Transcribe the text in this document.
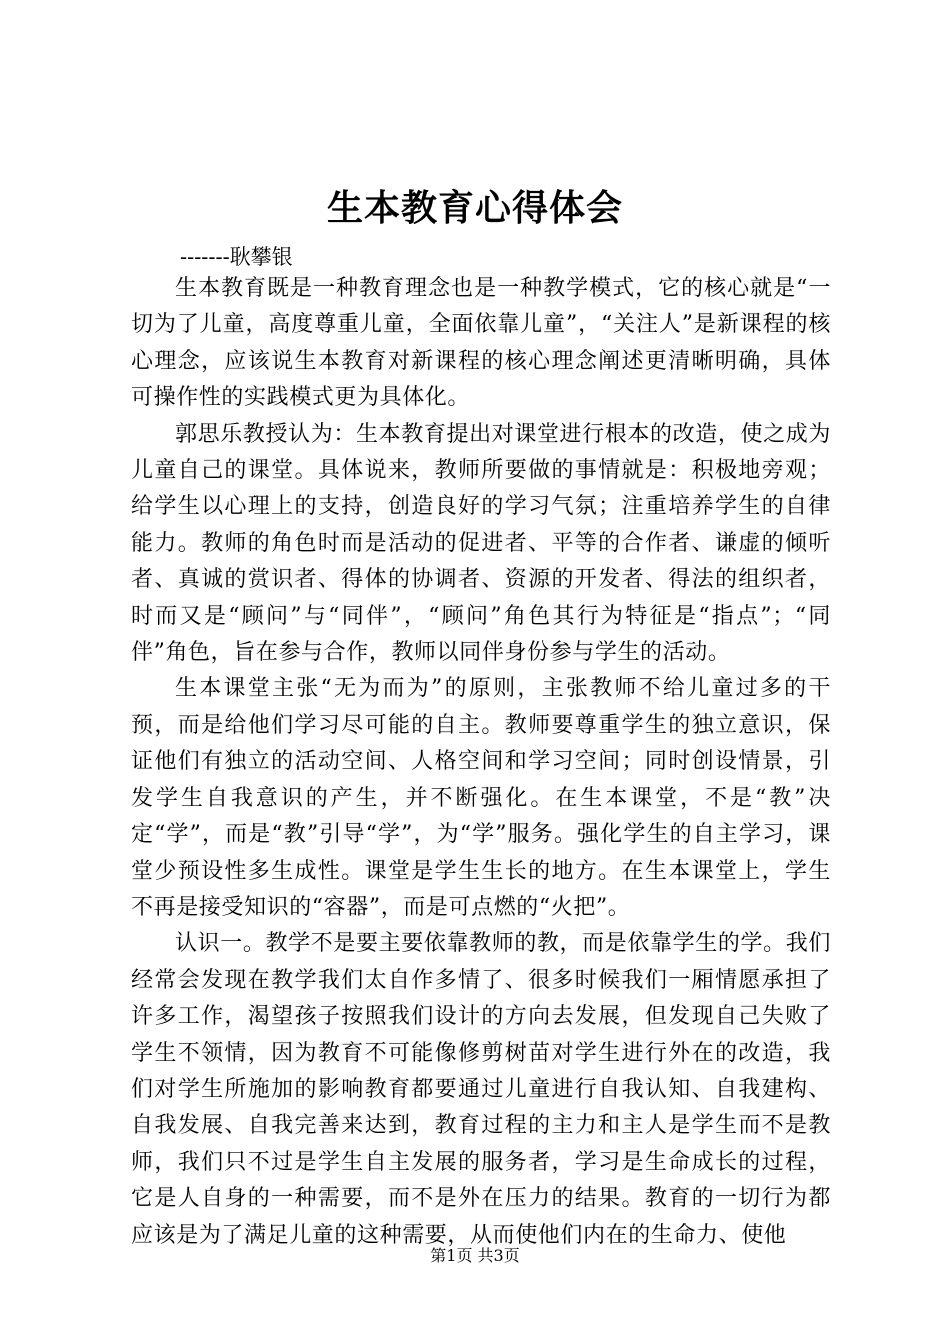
生本教育心得体会
-------耿攀银

生本教育既是一种教育理念也是一种教学模式，它的核心就是“一切为了儿童，高度尊重儿童，全面依靠儿童”，“关注人”是新课程的核心理念，应该说生本教育对新课程的核心理念阐述更清晰明确，具体可操作性的实践模式更为具体化。

郭思乐教授认为：生本教育提出对课堂进行根本的改造，使之成为儿童自己的课堂。具体说来，教师所要做的事情就是：积极地旁观；给学生以心理上的支持，创造良好的学习气氛；注重培养学生的自律能力。教师的角色时而是活动的促进者、平等的合作者、谦虚的倾听者、真诚的赏识者、得体的协调者、资源的开发者、得法的组织者，时而又是“顾问”与“同伴”，“顾问”角色其行为特征是“指点”；“同伴”角色，旨在参与合作，教师以同伴身份参与学生的活动。

生本课堂主张“无为而为”的原则，主张教师不给儿童过多的干预，而是给他们学习尽可能的自主。教师要尊重学生的独立意识，保证他们有独立的活动空间、人格空间和学习空间；同时创设情景，引发学生自我意识的产生，并不断强化。在生本课堂，不是“教”决定“学”，而是“教”引导“学”，为“学”服务。强化学生的自主学习，课堂少预设性多生成性。课堂是学生生长的地方。在生本课堂上，学生不再是接受知识的“容器”，而是可点燃的“火把”。

认识一。教学不是要主要依靠教师的教，而是依靠学生的学。我们经常会发现在教学我们太自作多情了、很多时候我们一厢情愿承担了许多工作，渴望孩子按照我们设计的方向去发展，但发现自己失败了学生不领情，因为教育不可能像修剪树苗对学生进行外在的改造，我们对学生所施加的影响教育都要通过儿童进行自我认知、自我建构、自我发展、自我完善来达到，教育过程的主力和主人是学生而不是教师，我们只不过是学生自主发展的服务者，学习是生命成长的过程，它是人自身的一种需要，而不是外在压力的结果。教育的一切行为都应该是为了满足儿童的这种需要，从而使他们内在的生命力、使他

第1页 共3页
